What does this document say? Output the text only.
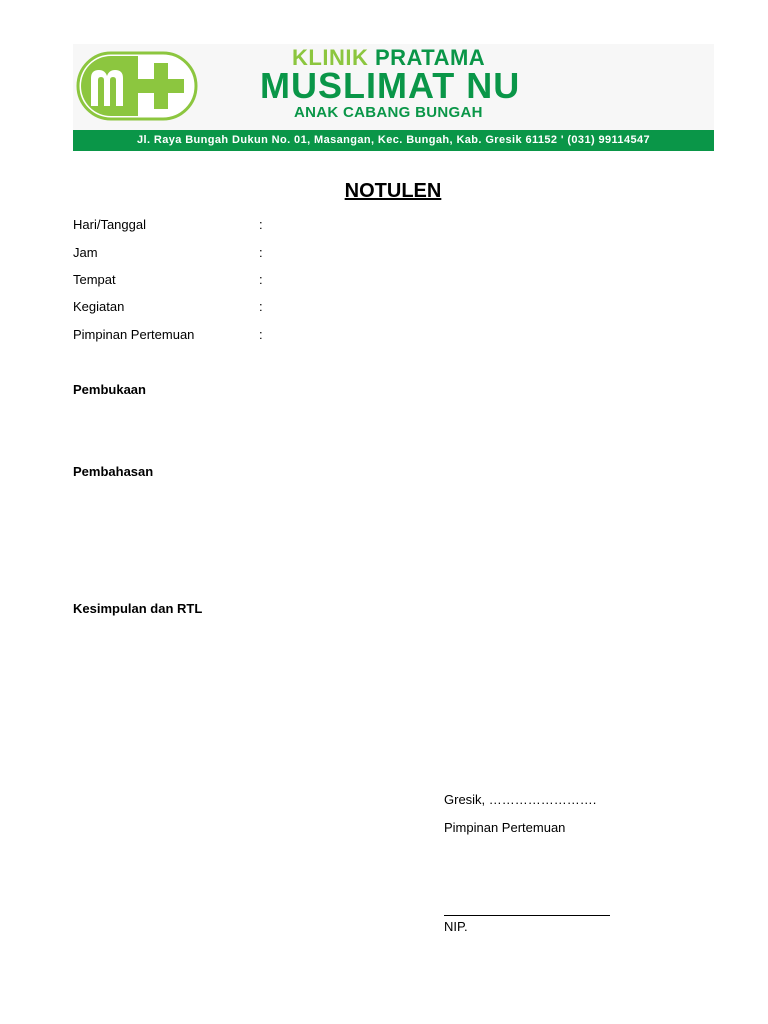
KLINIK PRATAMA
MUSLIMAT NU
ANAK CABANG BUNGAH
Jl. Raya Bungah Dukun No. 01, Masangan, Kec. Bungah, Kab. Gresik 61152 ' (031) 99114547
NOTULEN
Hari/Tanggal	:
Jam	:
Tempat	:
Kegiatan	:
Pimpinan Pertemuan	:
Pembukaan
Pembahasan
Kesimpulan dan RTL
Gresik, …………………….
Pimpinan Pertemuan
NIP.
